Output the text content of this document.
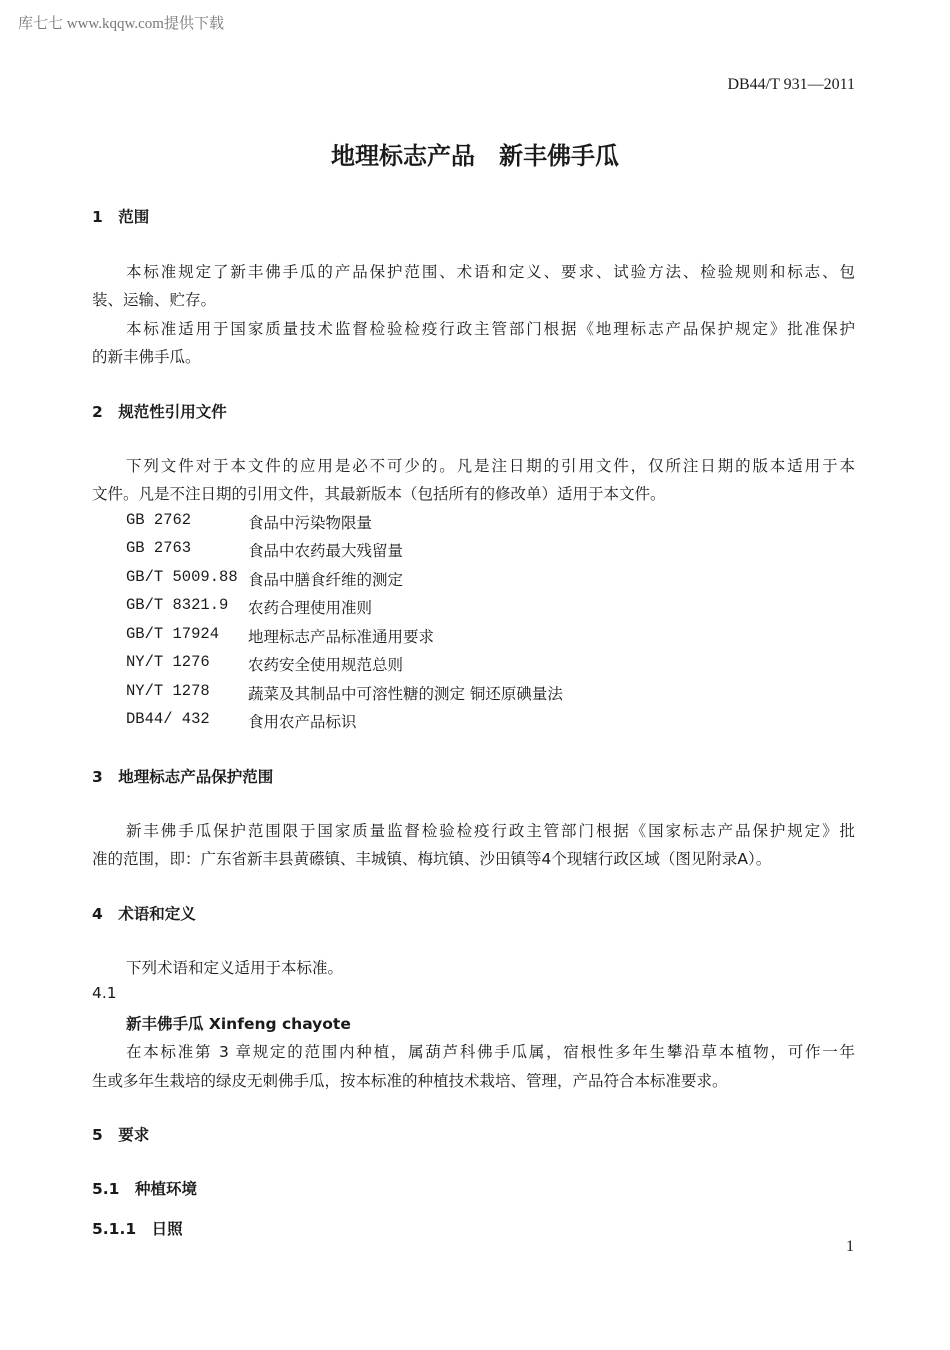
库七七 www.kqqw.com提供下载
DB44/T 931—2011
地理标志产品　新丰佛手瓜
1　范围
本标准规定了新丰佛手瓜的产品保护范围、术语和定义、要求、试验方法、检验规则和标志、包
装、运输、贮存。
本标准适用于国家质量技术监督检验检疫行政主管部门根据《地理标志产品保护规定》批准保护
的新丰佛手瓜。
2　规范性引用文件
下列文件对于本文件的应用是必不可少的。凡是注日期的引用文件，仅所注日期的版本适用于本
文件。凡是不注日期的引用文件，其最新版本（包括所有的修改单）适用于本文件。
GB 2762	食品中污染物限量
GB 2763	食品中农药最大残留量
GB/T 5009.88 食品中膳食纤维的测定
GB/T 8321.9 农药合理使用准则
GB/T 17924 地理标志产品标准通用要求
NY/T 1276 农药安全使用规范总则
NY/T 1278 蔬菜及其制品中可溶性糖的测定 铜还原碘量法
DB44/ 432 食用农产品标识
3　地理标志产品保护范围
新丰佛手瓜保护范围限于国家质量监督检验检疫行政主管部门根据《国家标志产品保护规定》批
准的范围，即：广东省新丰县黄礤镇、丰城镇、梅坑镇、沙田镇等4个现辖行政区域（图见附录A）。
4　术语和定义
下列术语和定义适用于本标准。
4.1
新丰佛手瓜 Xinfeng chayote
在本标准第 3 章规定的范围内种植，属葫芦科佛手瓜属，宿根性多年生攀沿草本植物，可作一年
生或多年生栽培的绿皮无刺佛手瓜，按本标准的种植技术栽培、管理，产品符合本标准要求。
5　要求
5.1　种植环境
5.1.1　日照
1
